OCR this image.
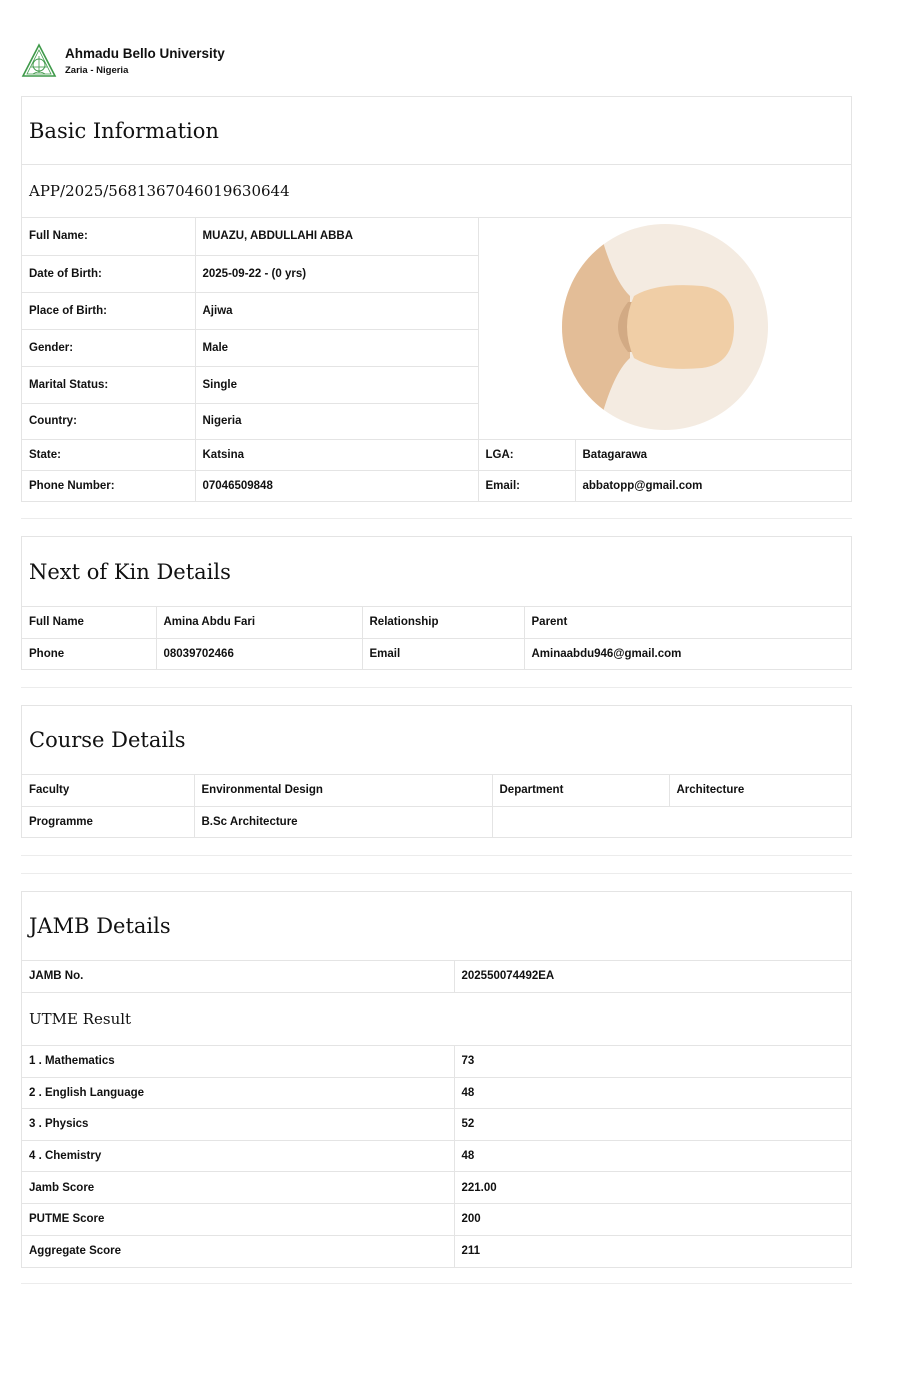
Ahmadu Bello University
Zaria - Nigeria
Basic Information
APP/2025/5681367046019630644
Full Name:	MUAZU, ABDULLAHI ABBA	
Date of Birth:	2025-09-22 - (0 yrs)		
Place of Birth:	Ajiwa		
Gender:	Male		
Marital Status:	Single		
Country:	Nigeria		
State:	Katsina	LGA:	Batagarawa
Phone Number:	07046509848	Email:	abbatopp@gmail.com
Next of Kin Details
Full Name	Amina Abdu Fari	Relationship	Parent
Phone	08039702466	Email	Aminaabdu946@gmail.com
Course Details
Faculty	Environmental Design	Department	Architecture
Programme	B.Sc Architecture		
JAMB Details
JAMB No.	202550074492EA
UTME Result
1 . Mathematics	73
2 . English Language	48
3 . Physics	52
4 . Chemistry	48
Jamb Score	221.00
PUTME Score	200
Aggregate Score	211
